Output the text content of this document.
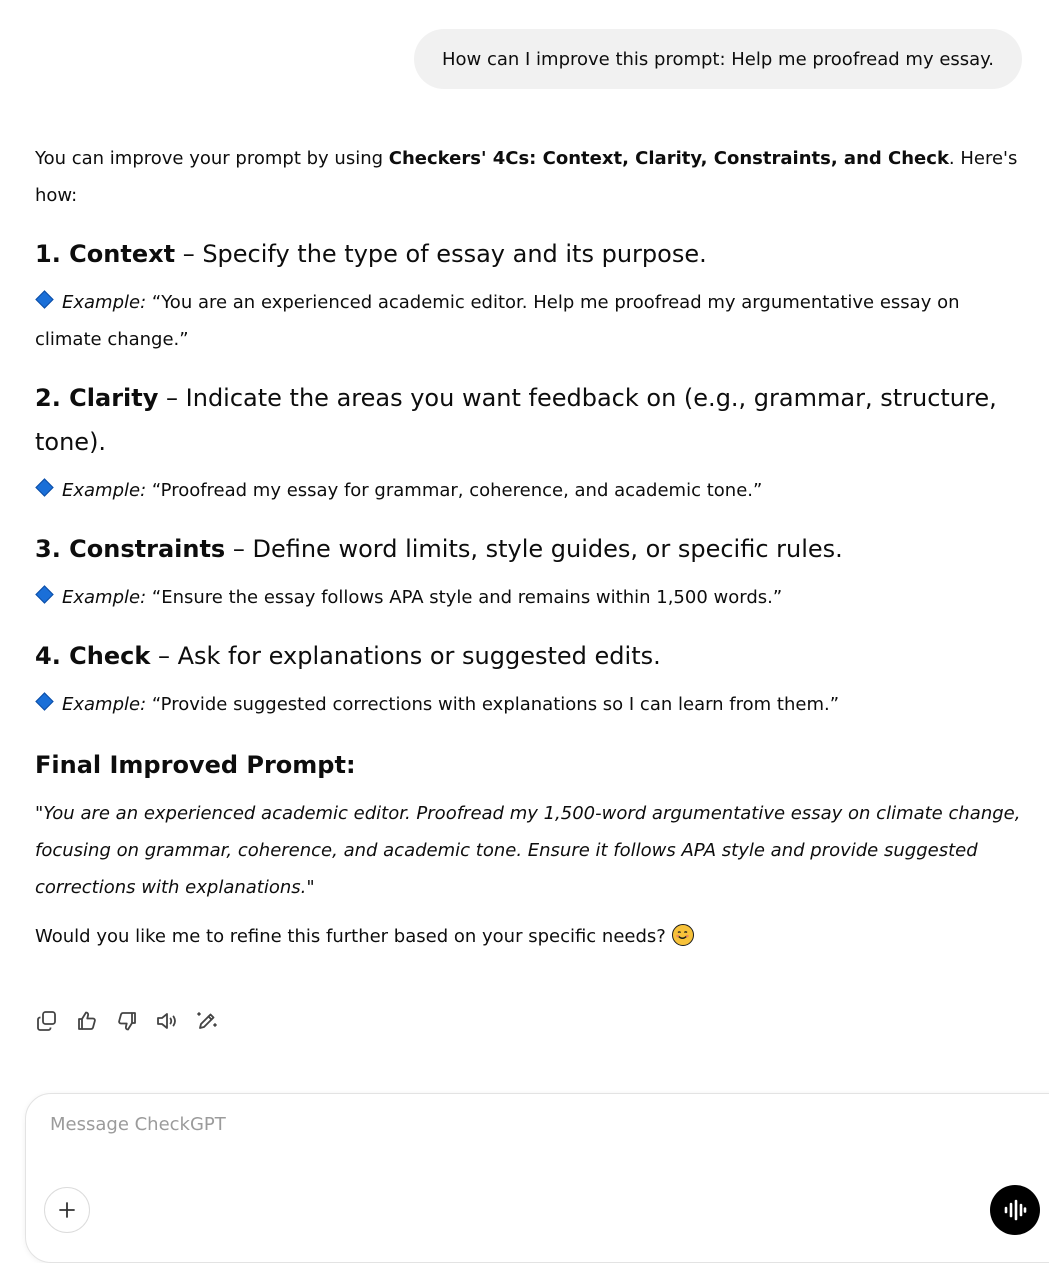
How can I improve this prompt: Help me proofread my essay.

You can improve your prompt by using Checkers' 4Cs: Context, Clarity, Constraints, and Check. Here's how:

1. Context – Specify the type of essay and its purpose.

Example: “You are an experienced academic editor. Help me proofread my argumentative essay on climate change.”

2. Clarity – Indicate the areas you want feedback on (e.g., grammar, structure, tone).

Example: “Proofread my essay for grammar, coherence, and academic tone.”

3. Constraints – Define word limits, style guides, or specific rules.

Example: “Ensure the essay follows APA style and remains within 1,500 words.”

4. Check – Ask for explanations or suggested edits.

Example: “Provide suggested corrections with explanations so I can learn from them.”

Final Improved Prompt:

"You are an experienced academic editor. Proofread my 1,500-word argumentative essay on climate change, focusing on grammar, coherence, and academic tone. Ensure it follows APA style and provide suggested corrections with explanations."

Would you like me to refine this further based on your specific needs?

Message CheckGPT
